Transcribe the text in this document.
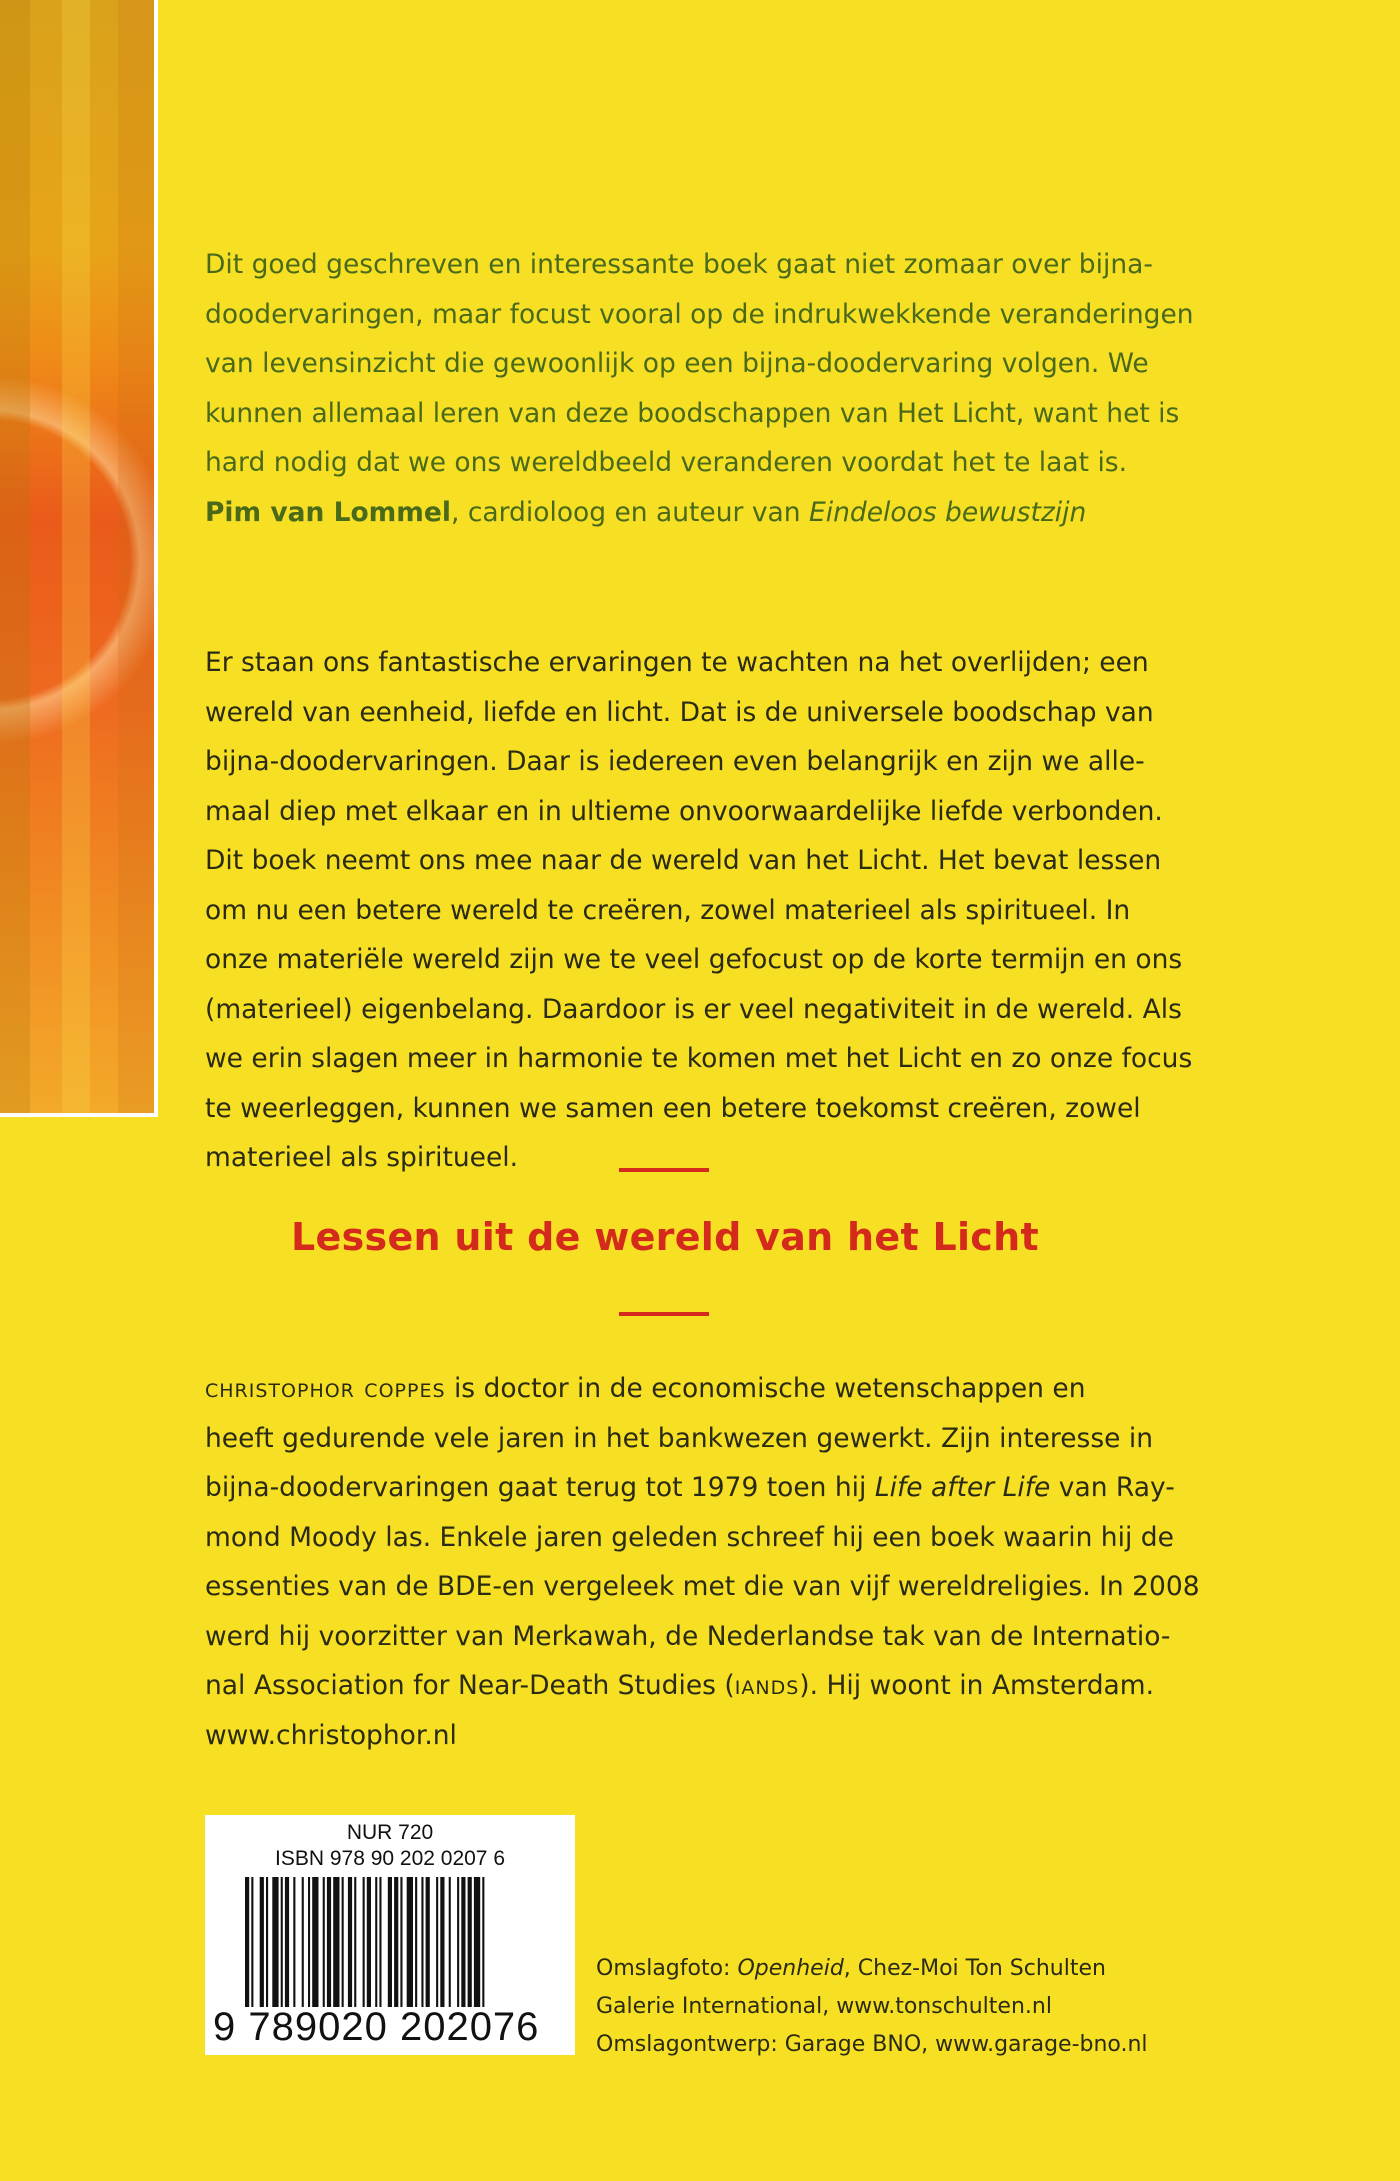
Dit goed geschreven en interessante boek gaat niet zomaar over bijna-
doodervaringen, maar focust vooral op de indrukwekkende veranderingen
van levensinzicht die gewoonlijk op een bijna-doodervaring volgen. We
kunnen allemaal leren van deze boodschappen van Het Licht, want het is
hard nodig dat we ons wereldbeeld veranderen voordat het te laat is.
Pim van Lommel, cardioloog en auteur van Eindeloos bewustzijn
Er staan ons fantastische ervaringen te wachten na het overlijden; een
wereld van eenheid, liefde en licht. Dat is de universele boodschap van
bijna-doodervaringen. Daar is iedereen even belangrijk en zijn we alle-
maal diep met elkaar en in ultieme onvoorwaardelijke liefde verbonden.
Dit boek neemt ons mee naar de wereld van het Licht. Het bevat lessen
om nu een betere wereld te creëren, zowel materieel als spiritueel. In
onze materiële wereld zijn we te veel gefocust op de korte termijn en ons
(materieel) eigenbelang. Daardoor is er veel negativiteit in de wereld. Als
we erin slagen meer in harmonie te komen met het Licht en zo onze focus
te weerleggen, kunnen we samen een betere toekomst creëren, zowel
materieel als spiritueel.
Lessen uit de wereld van het Licht
christophor coppes is doctor in de economische wetenschappen en
heeft gedurende vele jaren in het bankwezen gewerkt. Zijn interesse in
bijna-doodervaringen gaat terug tot 1979 toen hij Life after Life van Ray-
mond Moody las. Enkele jaren geleden schreef hij een boek waarin hij de
essenties van de BDE-en vergeleek met die van vijf wereldreligies. In 2008
werd hij voorzitter van Merkawah, de Nederlandse tak van de Internatio-
nal Association for Near-Death Studies (iands). Hij woont in Amsterdam.
www.christophor.nl
NUR 720
ISBN 978 90 202 0207 6
9 789020 202076
Omslagfoto: Openheid, Chez-Moi Ton Schulten
Galerie International, www.tonschulten.nl
Omslagontwerp: Garage BNO, www.garage-bno.nl
